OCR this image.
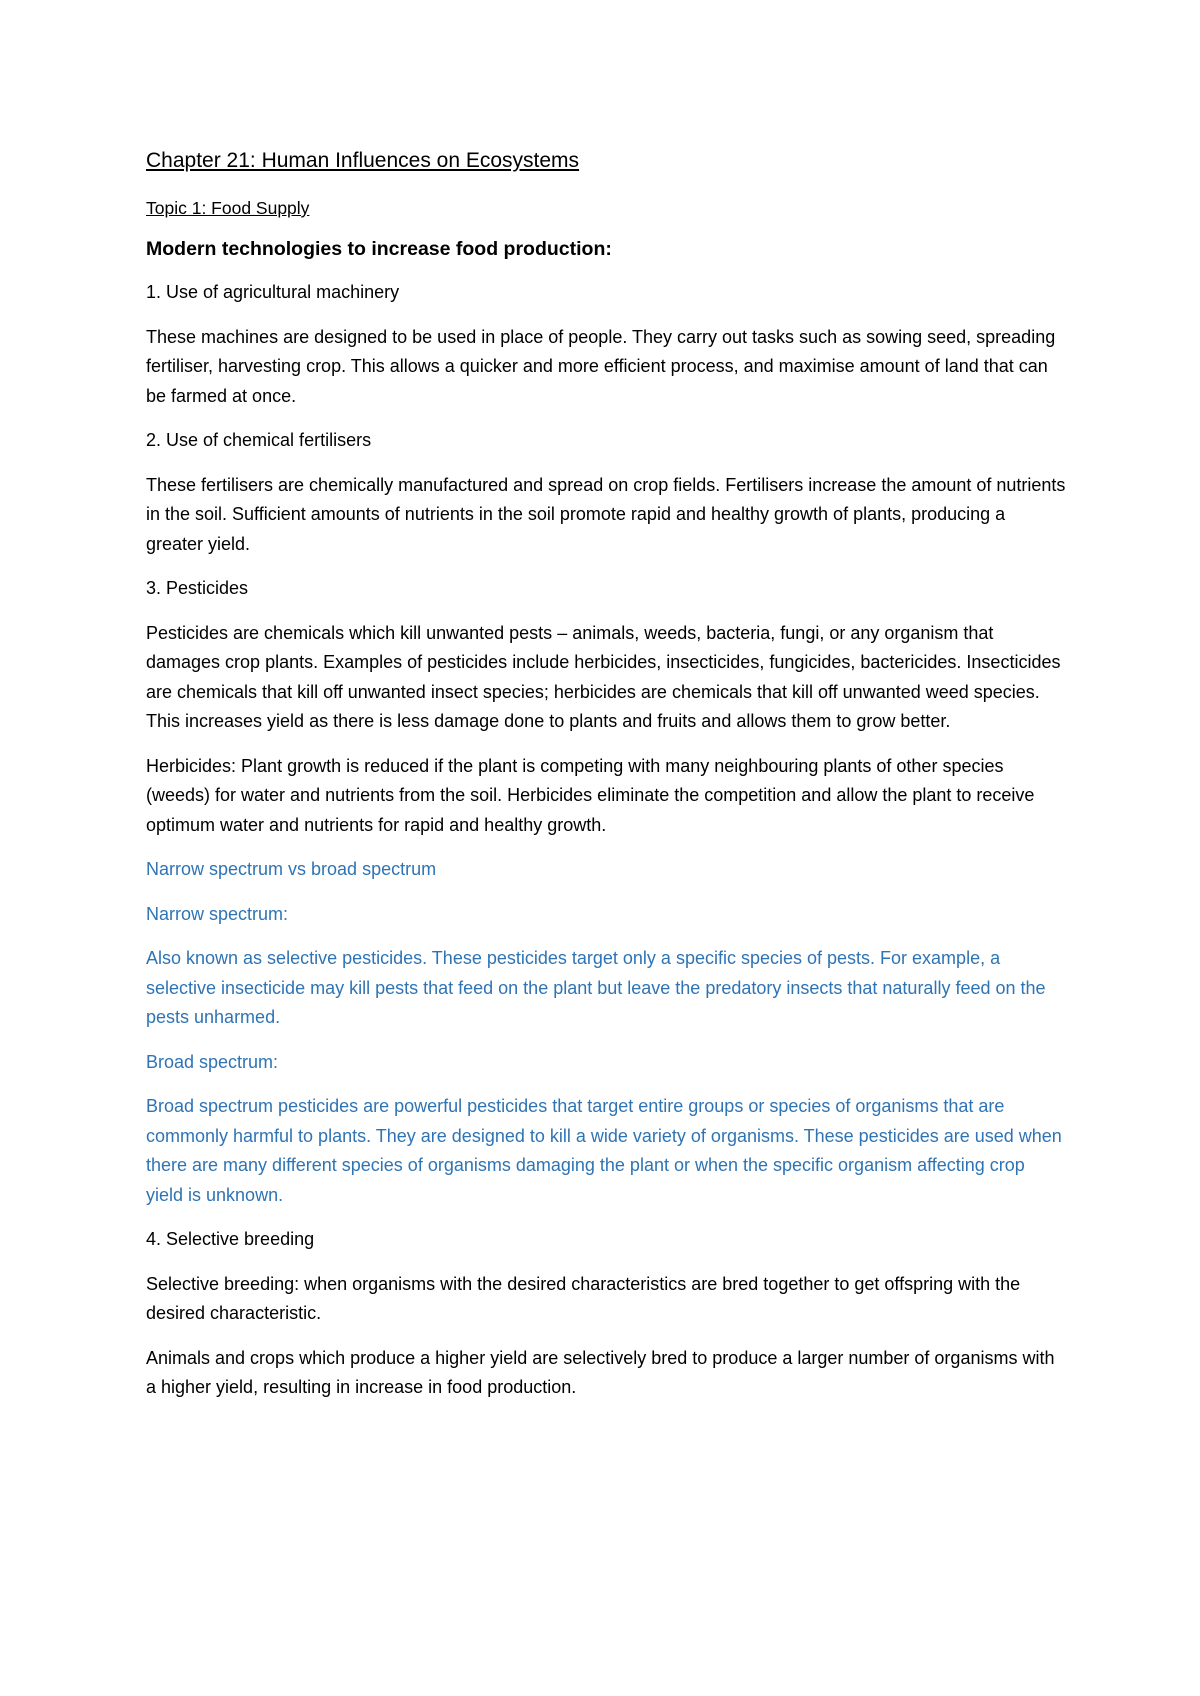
Chapter 21: Human Influences on Ecosystems
Topic 1: Food Supply
Modern technologies to increase food production:

1. Use of agricultural machinery

These machines are designed to be used in place of people. They carry out tasks such as sowing seed, spreading fertiliser, harvesting crop. This allows a quicker and more efficient process, and maximise amount of land that can be farmed at once.

2. Use of chemical fertilisers

These fertilisers are chemically manufactured and spread on crop fields. Fertilisers increase the amount of nutrients in the soil. Sufficient amounts of nutrients in the soil promote rapid and healthy growth of plants, producing a greater yield.

3. Pesticides

Pesticides are chemicals which kill unwanted pests – animals, weeds, bacteria, fungi, or any organism that damages crop plants. Examples of pesticides include herbicides, insecticides, fungicides, bactericides. Insecticides are chemicals that kill off unwanted insect species; herbicides are chemicals that kill off unwanted weed species. This increases yield as there is less damage done to plants and fruits and allows them to grow better.

Herbicides: Plant growth is reduced if the plant is competing with many neighbouring plants of other species (weeds) for water and nutrients from the soil. Herbicides eliminate the competition and allow the plant to receive optimum water and nutrients for rapid and healthy growth.

Narrow spectrum vs broad spectrum

Narrow spectrum:

Also known as selective pesticides. These pesticides target only a specific species of pests. For example, a selective insecticide may kill pests that feed on the plant but leave the predatory insects that naturally feed on the pests unharmed.

Broad spectrum:

Broad spectrum pesticides are powerful pesticides that target entire groups or species of organisms that are commonly harmful to plants. They are designed to kill a wide variety of organisms. These pesticides are used when there are many different species of organisms damaging the plant or when the specific organism affecting crop yield is unknown.

4. Selective breeding

Selective breeding: when organisms with the desired characteristics are bred together to get offspring with the desired characteristic.

Animals and crops which produce a higher yield are selectively bred to produce a larger number of organisms with a higher yield, resulting in increase in food production.
